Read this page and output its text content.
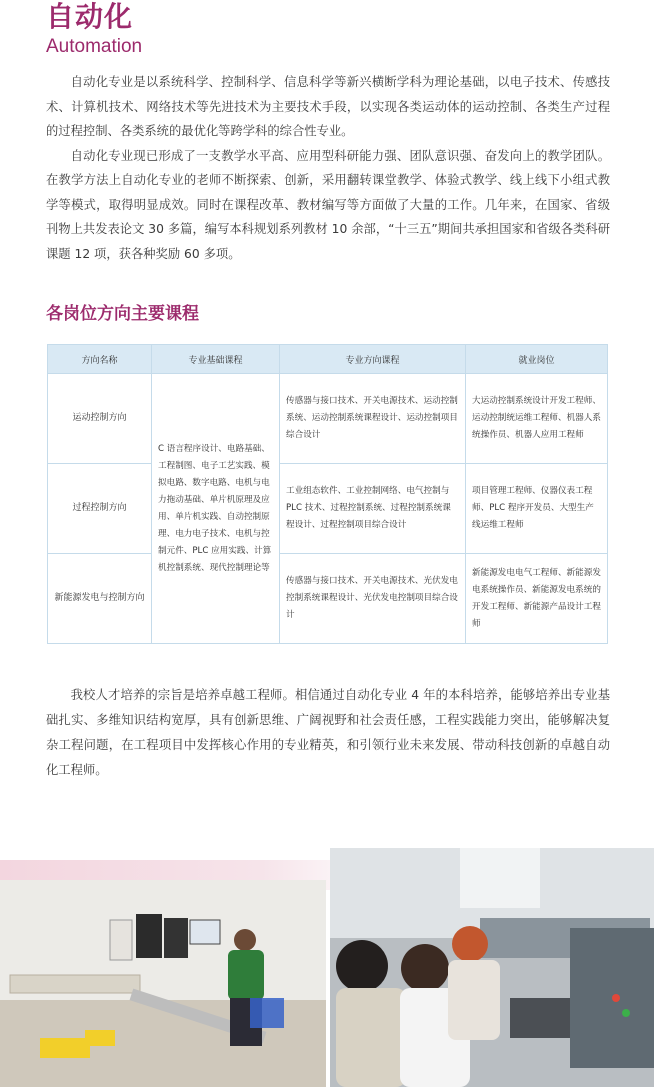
自动化
Automation

自动化专业是以系统科学、控制科学、信息科学等新兴横断学科为理论基础，以电子技术、传感技术、计算机技术、网络技术等先进技术为主要技术手段，以实现各类运动体的运动控制、各类生产过程的过程控制、各类系统的最优化等跨学科的综合性专业。

自动化专业现已形成了一支教学水平高、应用型科研能力强、团队意识强、奋发向上的教学团队。在教学方法上自动化专业的老师不断探索、创新，采用翻转课堂教学、体验式教学、线上线下小组式教学等模式，取得明显成效。同时在课程改革、教材编写等方面做了大量的工作。几年来，在国家、省级刊物上共发表论文 30 多篇，编写本科规划系列教材 10 余部，“十三五”期间共承担国家和省级各类科研课题 12 项，获各种奖励 60 多项。

各岗位方向主要课程
方向名称	专业基础课程	专业方向课程	就业岗位
运动控制方向	C 语言程序设计、电路基础、工程制图、电子工艺实践、模拟电路、数字电路、电机与电力拖动基础、单片机原理及应用、单片机实践、自动控制原理、电力电子技术、电机与控制元件、PLC 应用实践、计算机控制系统、现代控制理论等	传感器与接口技术、开关电源技术、运动控制系统、运动控制系统课程设计、运动控制项目综合设计	大运动控制系统设计开发工程师、运动控制统运维工程师、机器人系统操作员、机器人应用工程师
过程控制方向		工业组态软件、工业控制网络、电气控制与 PLC 技术、过程控制系统、过程控制系统课程设计、过程控制项目综合设计	项目管理工程师、仪器仪表工程师、PLC 程序开发员、大型生产线运维工程师
新能源发电与控制方向		传感器与接口技术、开关电源技术、光伏发电控制系统课程设计、光伏发电控制项目综合设计	新能源发电电气工程师、新能源发电系统操作员、新能源发电系统的开发工程师、新能源产品设计工程师

我校人才培养的宗旨是培养卓越工程师。相信通过自动化专业 4 年的本科培养，能够培养出专业基础扎实、多维知识结构宽厚，具有创新思维、广阔视野和社会责任感，工程实践能力突出，能够解决复杂工程问题，在工程项目中发挥核心作用的专业精英，和引领行业未来发展、带动科技创新的卓越自动化工程师。
